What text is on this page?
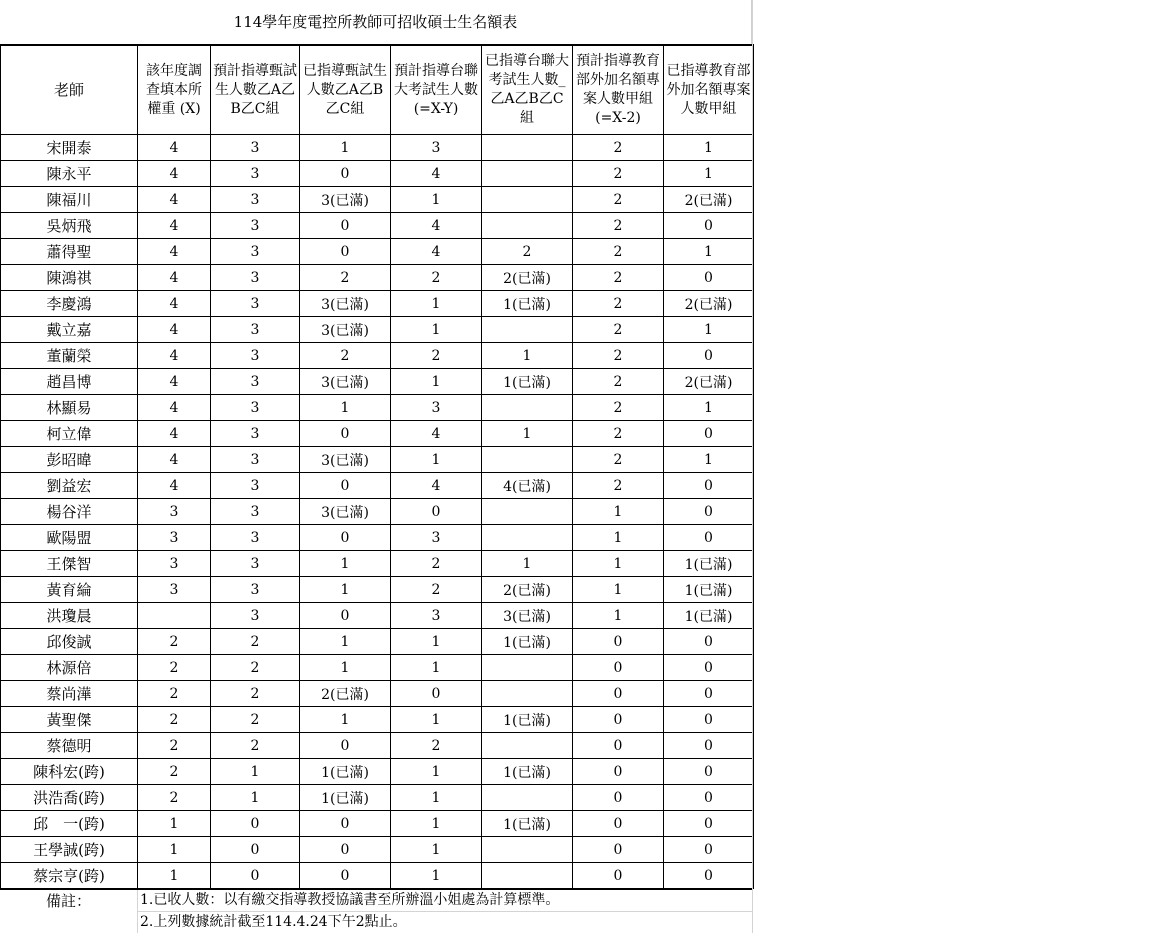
114學年度電控所教師可招收碩士生名額表
老師	該年度調查填本所權重 (X)	預計指導甄試生人數乙A乙B乙C組	已指導甄試生人數乙A乙B乙C組	預計指導台聯大考試生人數(=X-Y)	已指導台聯大考試生人數_乙A乙B乙C組	預計指導教育部外加名額專案人數甲組(=X-2)	已指導教育部外加名額專案人數甲組
宋開泰	4	3	1	3		2	1
陳永平	4	3	0	4		2	1
陳福川	4	3	3(已滿)	1		2	2(已滿)
吳炳飛	4	3	0	4		2	0
蕭得聖	4	3	0	4	2	2	1
陳鴻祺	4	3	2	2	2(已滿)	2	0
李慶鴻	4	3	3(已滿)	1	1(已滿)	2	2(已滿)
戴立嘉	4	3	3(已滿)	1		2	1
董蘭榮	4	3	2	2	1	2	0
趙昌博	4	3	3(已滿)	1	1(已滿)	2	2(已滿)
林顯易	4	3	1	3		2	1
柯立偉	4	3	0	4	1	2	0
彭昭暐	4	3	3(已滿)	1		2	1
劉益宏	4	3	0	4	4(已滿)	2	0
楊谷洋	3	3	3(已滿)	0		1	0
歐陽盟	3	3	0	3		1	0
王傑智	3	3	1	2	1	1	1(已滿)
黃育綸	3	3	1	2	2(已滿)	1	1(已滿)
洪瓊晨		3	0	3	3(已滿)	1	1(已滿)
邱俊誠	2	2	1	1	1(已滿)	0	0
林源倍	2	2	1	1		0	0
蔡尚澕	2	2	2(已滿)	0		0	0
黃聖傑	2	2	1	1	1(已滿)	0	0
蔡德明	2	2	0	2		0	0
陳科宏(跨)	2	1	1(已滿)	1	1(已滿)	0	0
洪浩喬(跨)	2	1	1(已滿)	1		0	0
邱　一(跨)	1	0	0	1	1(已滿)	0	0
王學誠(跨)	1	0	0	1		0	0
蔡宗亨(跨)	1	0	0	1		0	0
備註：	1.已收人數：以有繳交指導教授協議書至所辦溫小姐處為計算標準。
2.上列數據統計截至114.4.24下午2點止。
